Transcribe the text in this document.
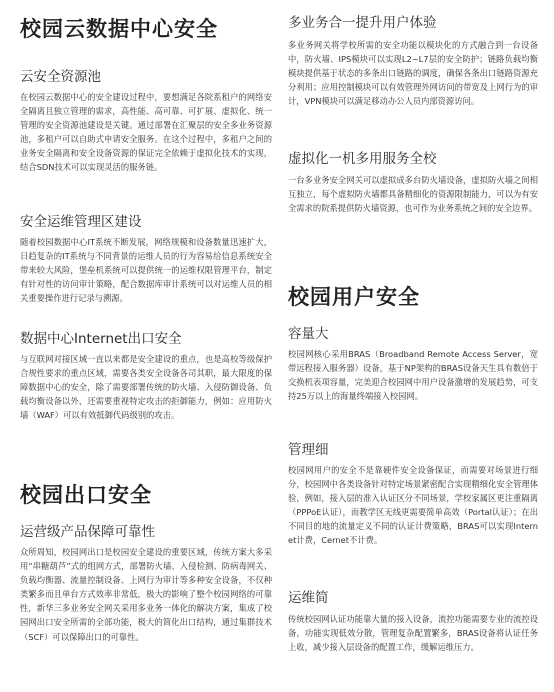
校园云数据中心安全
云安全资源池
在校园云数据中心的安全建设过程中，要想满足各院系租户的网络安全隔离且独立管理的需求，高性能、高可靠、可扩展、虚拟化、统一管理的安全资源池建设是关键。通过部署在汇聚层的安全多业务资源池，多租户可以自助式申请安全服务。在这个过程中，多租户之间的业务安全隔离和安全设备资源的保证完全依赖于虚拟化技术的实现，结合SDN技术可以实现灵活的服务链。
安全运维管理区建设
随着校园数据中心IT系统不断发展，网络规模和设备数量迅速扩大，日趋复杂的IT系统与不同背景的运维人员的行为容易给信息系统安全带来较大风险，堡垒机系统可以提供统一的运维权限管理平台，制定有针对性的访问审计策略，配合数据库审计系统可以对运维人员的相关重要操作进行记录与溯源。
数据中心Internet出口安全
与互联网对接区域一直以来都是安全建设的重点，也是高校等级保护合规性要求的重点区域，需要各类安全设备各司其职，最大限度的保障数据中心的安全，除了需要部署传统的防火墙、入侵防御设备、负载均衡设备以外，还需要重视特定攻击的拒御能力，例如：应用防火墙（WAF）可以有效抵御代码级别的攻击。
校园出口安全
运营级产品保障可靠性
众所周知，校园网出口是校园安全建设的重要区域，传统方案大多采用“串糖葫芦”式的组网方式，部署防火墙、入侵检测、防病毒网关、负载均衡器、流量控制设备、上网行为审计等多种安全设备，不仅种类繁多而且单台方式效率非常低，极大的影响了整个校园网络的可靠性，新华三多业务安全网关采用多业务一体化的解决方案，集成了校园网出口安全所需的全部功能，极大的简化出口结构，通过集群技术（SCF）可以保障出口的可靠性。
多业务合一提升用户体验
多业务网关将学校所需的安全功能以模块化的方式融合到一台设备中，防火墙、IPS模块可以实现L2~L7层的安全防护；链路负载均衡模块提供基于状态的多条出口链路的调度，确保各条出口链路资源充分利用；应用控制模块可以有效管理外网访问的带宽及上网行为的审计，VPN模块可以满足移动办公人员内部资源访问。
虚拟化一机多用服务全校
一台多业务安全网关可以虚拟成多台防火墙设备，虚拟防火墙之间相互独立，每个虚拟防火墙都具备精细化的资源限制能力，可以为有安全需求的院系提供防火墙资源，也可作为业务系统之间的安全边界。
校园用户安全
容量大
校园网核心采用BRAS（Broadband Remote Access Server，宽带远程接入服务器）设备，基于NP架构的BRAS设备天生具有数倍于交换机表项容量，完美迎合校园网中用户设备激增的发展趋势，可支持25万以上的海量终端接入校园网。
管理细
校园网用户的安全不是靠硬件安全设备保证，而需要对场景进行细分，校园网中各类设备针对特定场景紧密配合实现精细化安全管理体验，例如，接入层的准入认证区分不同场景，学校家属区更注重隔离（PPPoE认证），而教学区无线更需要简单高效（Portal认证）；在出不同目的地的流量定义不同的认证计费策略，BRAS可以实现Internet计费，Cernet不计费。
运维简
传统校园网认证功能靠大量的接入设备，流控功能需要专业的流控设备，功能实现低效分散，管理复杂配置繁多，BRAS设备将认证任务上收，减少接入层设备的配置工作，缓解运维压力。
